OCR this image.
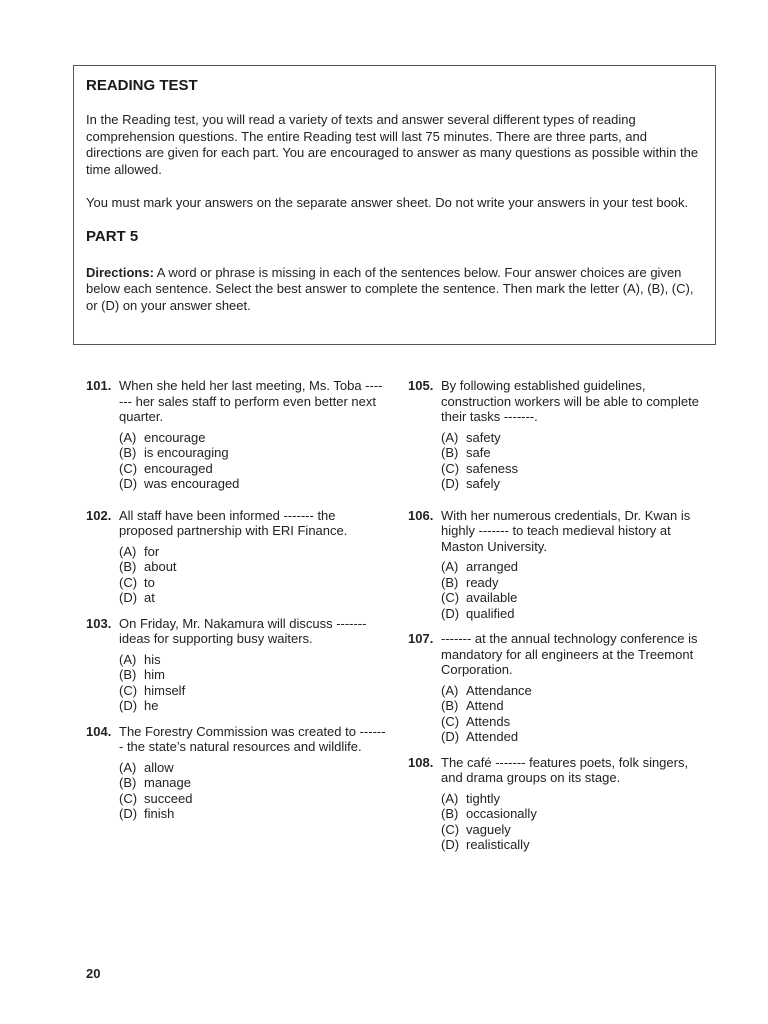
READING TEST

In the Reading test, you will read a variety of texts and answer several different types of reading comprehension questions. The entire Reading test will last 75 minutes. There are three parts, and directions are given for each part. You are encouraged to answer as many questions as possible within the time allowed.

You must mark your answers on the separate answer sheet. Do not write your answers in your test book.

PART 5

Directions: A word or phrase is missing in each of the sentences below. Four answer choices are given below each sentence. Select the best answer to complete the sentence. Then mark the letter (A), (B), (C), or (D) on your answer sheet.

101. When she held her last meeting, Ms. Toba ------- her sales staff to perform even better next quarter.
(A) encourage
(B) is encouraging
(C) encouraged
(D) was encouraged
102. All staff have been informed ------- the proposed partnership with ERI Finance.
(A) for
(B) about
(C) to
(D) at
103. On Friday, Mr. Nakamura will discuss ------- ideas for supporting busy waiters.
(A) his
(B) him
(C) himself
(D) he
104. The Forestry Commission was created to ------- the state’s natural resources and wildlife.
(A) allow
(B) manage
(C) succeed
(D) finish
105. By following established guidelines, construction workers will be able to complete their tasks -------.
(A) safety
(B) safe
(C) safeness
(D) safely
106. With her numerous credentials, Dr. Kwan is highly ------- to teach medieval history at Maston University.
(A) arranged
(B) ready
(C) available
(D) qualified
107. ------- at the annual technology conference is mandatory for all engineers at the Treemont Corporation.
(A) Attendance
(B) Attend
(C) Attends
(D) Attended
108. The café ------- features poets, folk singers, and drama groups on its stage.
(A) tightly
(B) occasionally
(C) vaguely
(D) realistically
20
